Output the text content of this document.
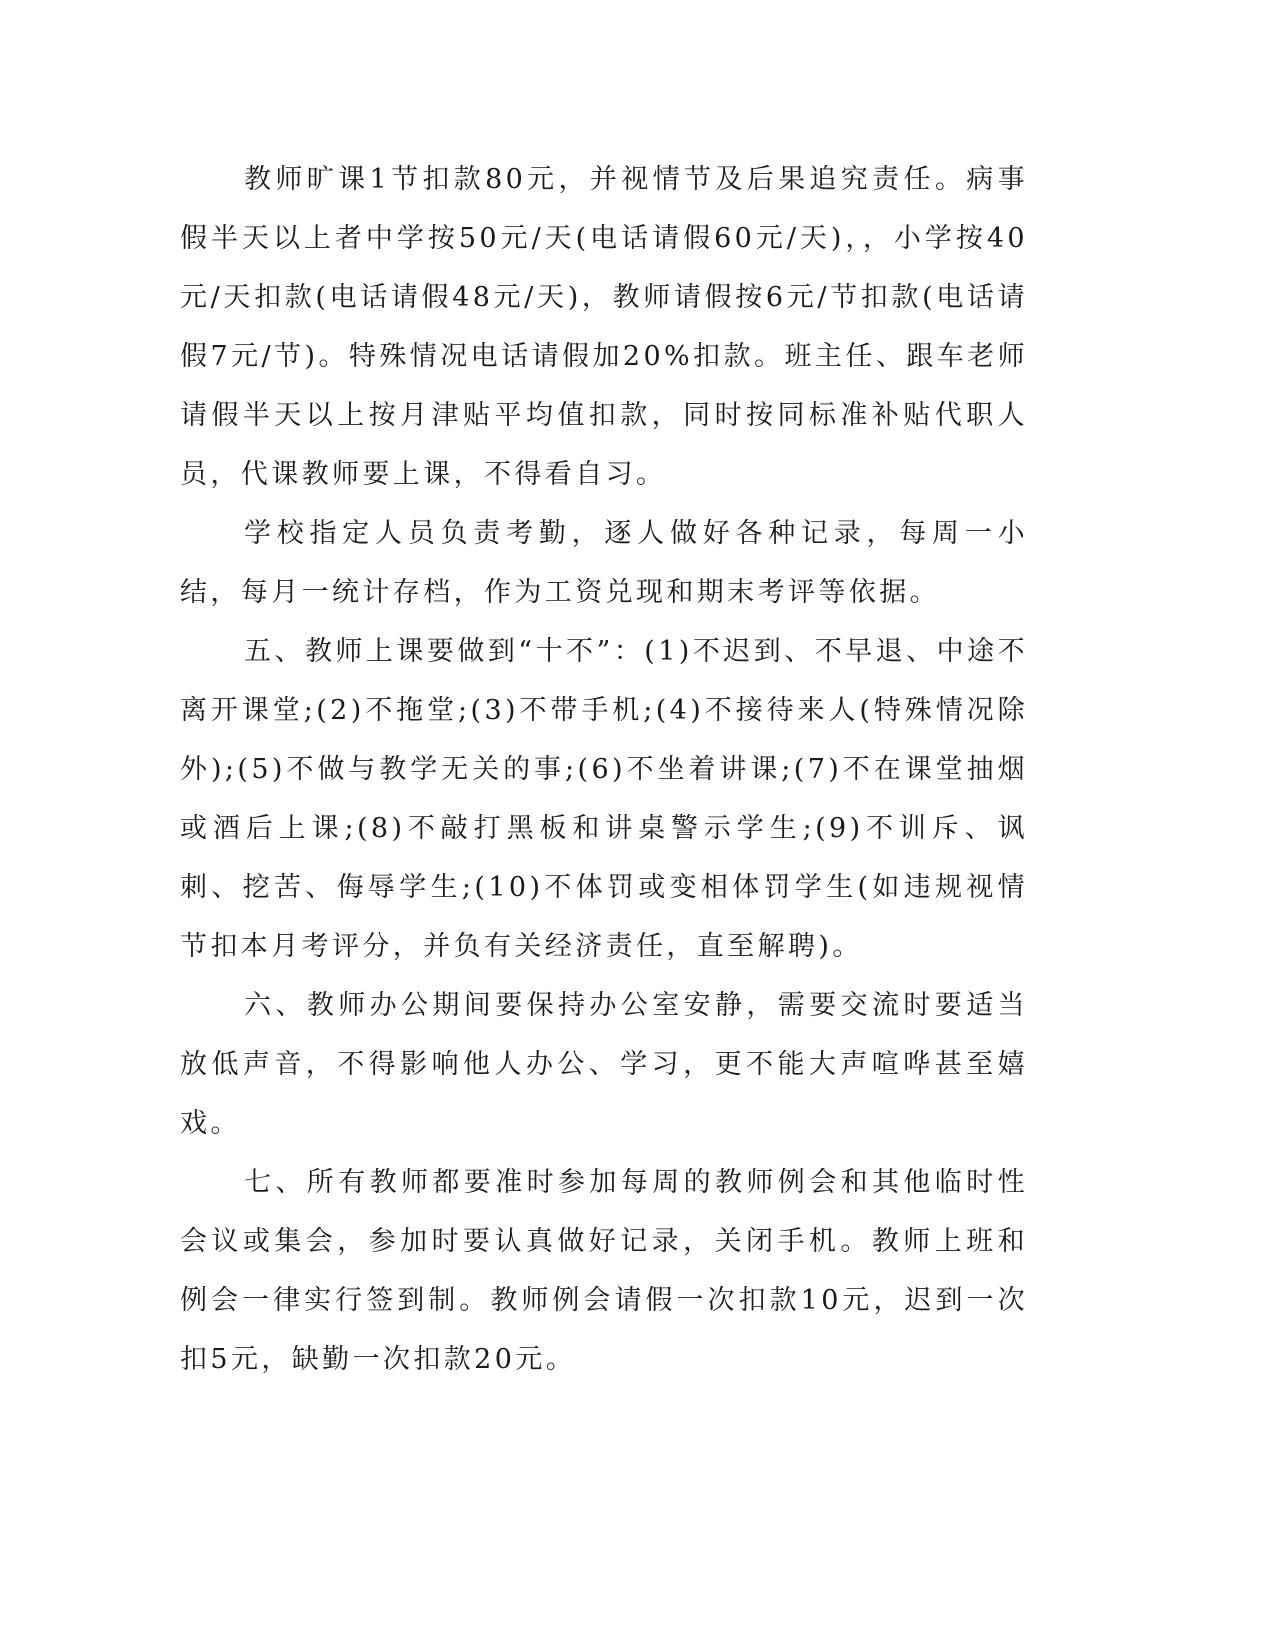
教师旷课1节扣款80元，并视情节及后果追究责任。病事假半天以上者中学按50元/天(电话请假60元/天)，，小学按40元/天扣款(电话请假48元/天)，教师请假按6元/节扣款(电话请假7元/节)。特殊情况电话请假加20%扣款。班主任、跟车老师请假半天以上按月津贴平均值扣款，同时按同标准补贴代职人员，代课教师要上课，不得看自习。

学校指定人员负责考勤，逐人做好各种记录，每周一小结，每月一统计存档，作为工资兑现和期末考评等依据。

五、教师上课要做到“十不”：(1)不迟到、不早退、中途不离开课堂;(2)不拖堂;(3)不带手机;(4)不接待来人(特殊情况除外);(5)不做与教学无关的事;(6)不坐着讲课;(7)不在课堂抽烟或酒后上课;(8)不敲打黑板和讲桌警示学生;(9)不训斥、讽刺、挖苦、侮辱学生;(10)不体罚或变相体罚学生(如违规视情节扣本月考评分，并负有关经济责任，直至解聘)。

六、教师办公期间要保持办公室安静，需要交流时要适当放低声音，不得影响他人办公、学习，更不能大声喧哗甚至嬉戏。

七、所有教师都要准时参加每周的教师例会和其他临时性会议或集会，参加时要认真做好记录，关闭手机。教师上班和例会一律实行签到制。教师例会请假一次扣款10元，迟到一次扣5元，缺勤一次扣款20元。
